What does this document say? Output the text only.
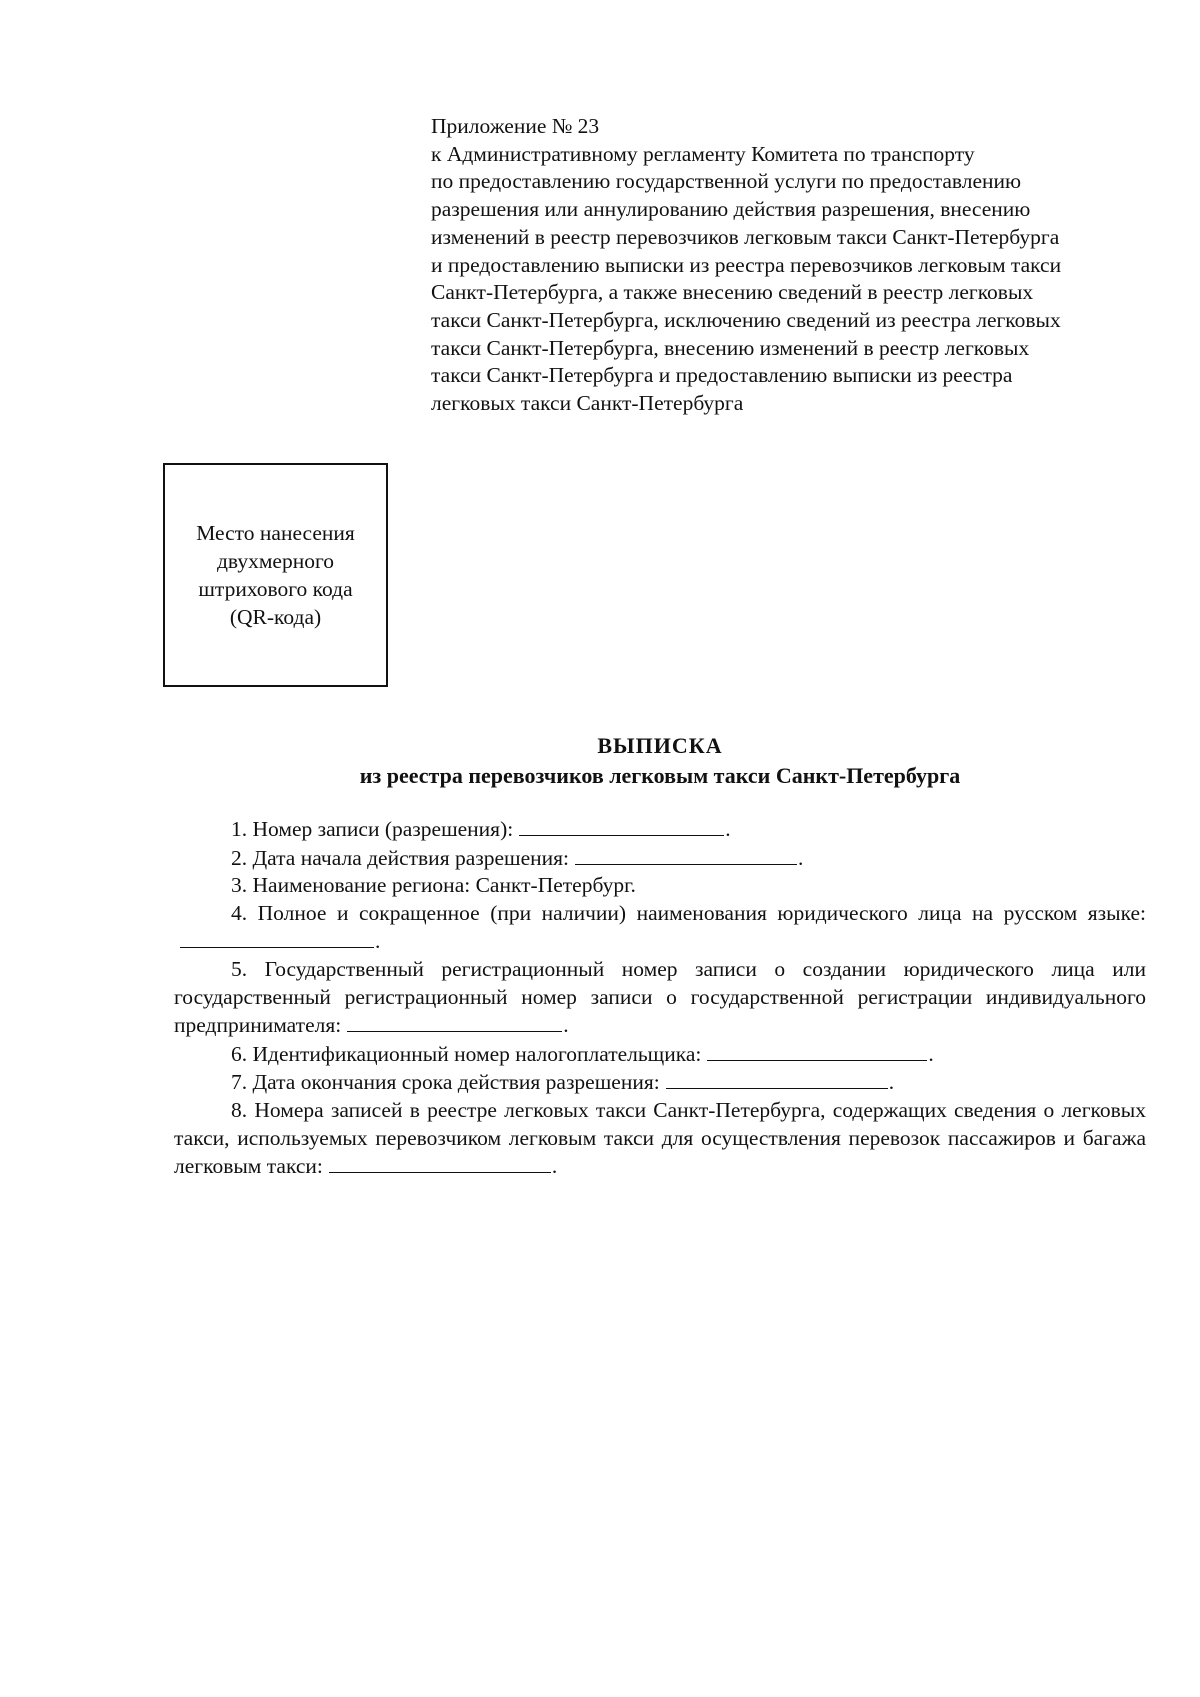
Приложение № 23
к Административному регламенту Комитета по транспорту
по предоставлению государственной услуги по предоставлению
разрешения или аннулированию действия разрешения, внесению
изменений в реестр перевозчиков легковым такси Санкт-Петербурга
и предоставлению выписки из реестра перевозчиков легковым такси
Санкт-Петербурга, а также внесению сведений в реестр легковых
такси Санкт-Петербурга, исключению сведений из реестра легковых
такси Санкт-Петербурга, внесению изменений в реестр легковых
такси Санкт-Петербурга и предоставлению выписки из реестра
легковых такси Санкт-Петербурга
Место нанесения
двухмерного
штрихового кода
(QR-кода)
ВЫПИСКА
из реестра перевозчиков легковым такси Санкт-Петербурга

1. Номер записи (разрешения):	.

2. Дата начала действия разрешения:	.

3. Наименование региона: Санкт-Петербург.

4. Полное и сокращенное (при наличии) наименования юридического лица на русском языке:.

5. Государственный регистрационный номер записи о создании юридического лица или государственный регистрационный номер записи о государственной регистрации индивидуального предпринимателя:	.

6. Идентификационный номер налогоплательщика:	.

7. Дата окончания срока действия разрешения:	.

8. Номера записей в реестре легковых такси Санкт-Петербурга, содержащих сведения о легковых такси, используемых перевозчиком легковым такси для осуществления перевозок пассажиров и багажа легковым такси:	.
